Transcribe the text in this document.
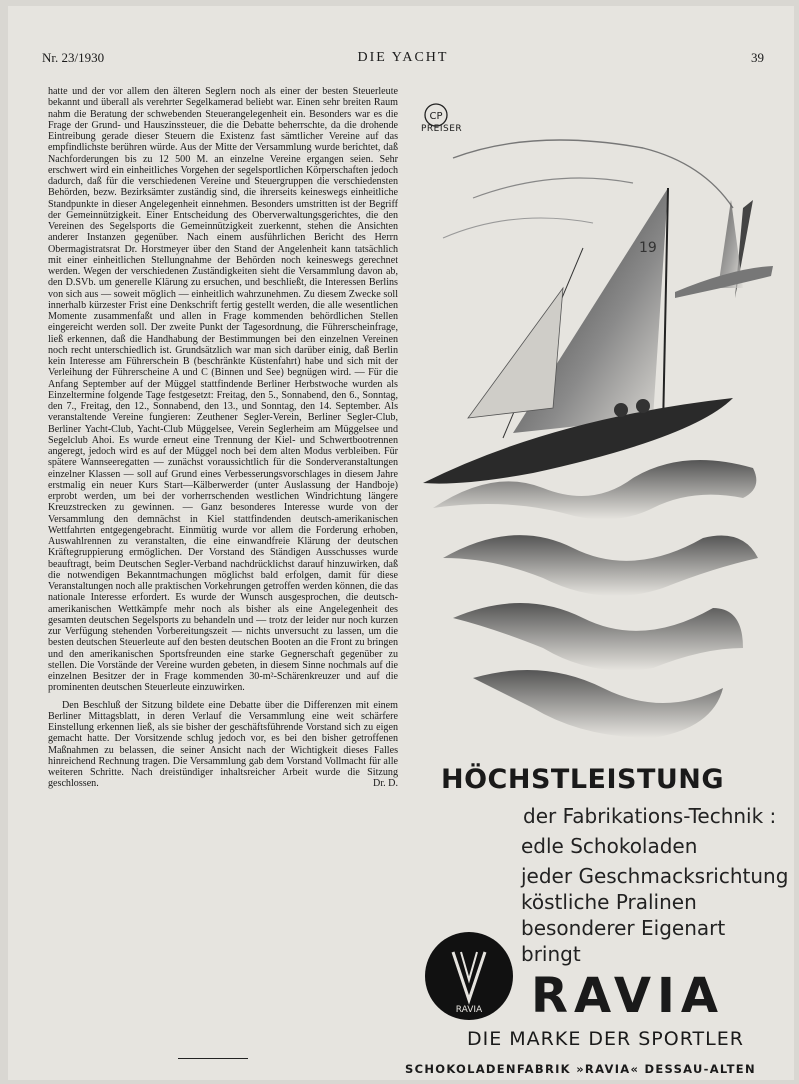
Nr. 23/1930	DIE YACHT	39

hatte und der vor allem den älteren Seglern noch als einer der besten Steuerleute bekannt und überall als verehrter Segelkamerad beliebt war. Einen sehr breiten Raum nahm die Beratung der schwebenden Steuerangelegenheit ein. Besonders war es die Frage der Grund- und Hauszinssteuer, die die Debatte beherrschte, da die drohende Eintreibung gerade dieser Steuern die Existenz fast sämtlicher Vereine auf das empfindlichste berühren würde. Aus der Mitte der Versammlung wurde berichtet, daß Nachforderungen bis zu 12 500 M. an einzelne Vereine ergangen seien. Sehr erschwert wird ein einheitliches Vorgehen der segelsportlichen Körperschaften jedoch dadurch, daß für die verschiedenen Vereine und Steuergruppen die verschiedensten Behörden, bezw. Bezirksämter zuständig sind, die ihrerseits keineswegs einheitliche Standpunkte in dieser Angelegenheit einnehmen. Besonders umstritten ist der Begriff der Gemeinnützigkeit. Einer Entscheidung des Oberverwaltungsgerichtes, die den Vereinen des Segelsports die Gemeinnützigkeit zuerkennt, stehen die Ansichten anderer Instanzen gegenüber. Nach einem ausführlichen Bericht des Herrn Obermagistratsrat Dr. Horstmeyer über den Stand der Angelenheit kann tatsächlich mit einer einheitlichen Stellungnahme der Behörden noch keineswegs gerechnet werden. Wegen der verschiedenen Zuständigkeiten sieht die Versammlung davon ab, den D.SVb. um generelle Klärung zu ersuchen, und beschließt, die Interessen Berlins von sich aus — soweit möglich — einheitlich wahrzunehmen. Zu diesem Zwecke soll innerhalb kürzester Frist eine Denkschrift fertig gestellt werden, die alle wesentlichen Momente zusammenfaßt und allen in Frage kommenden behördlichen Stellen eingereicht werden soll. Der zweite Punkt der Tagesordnung, die Führerscheinfrage, ließ erkennen, daß die Handhabung der Bestimmungen bei den einzelnen Vereinen noch recht unterschiedlich ist. Grundsätzlich war man sich darüber einig, daß Berlin kein Interesse am Führerschein B (beschränkte Küstenfahrt) habe und sich mit der Verleihung der Führerscheine A und C (Binnen und See) begnügen wird. — Für die Anfang September auf der Müggel stattfindende Berliner Herbstwoche wurden als Einzeltermine folgende Tage festgesetzt: Freitag, den 5., Sonnabend, den 6., Sonntag, den 7., Freitag, den 12., Sonnabend, den 13., und Sonntag, den 14. September. Als veranstaltende Vereine fungieren: Zeuthener Segler-Verein, Berliner Segler-Club, Berliner Yacht-Club, Yacht-Club Müggelsee, Verein Seglerheim am Müggelsee und Segelclub Ahoi. Es wurde erneut eine Trennung der Kiel- und Schwertbootrennen angeregt, jedoch wird es auf der Müggel noch bei dem alten Modus verbleiben. Für spätere Wannseeregatten — zunächst voraussichtlich für die Sonderveranstaltungen einzelner Klassen — soll auf Grund eines Verbesserungsvorschlages in diesem Jahre erstmalig ein neuer Kurs Start—Kälberwerder (unter Auslassung der Handboje) erprobt werden, um bei der vorherrschenden westlichen Windrichtung längere Kreuzstrecken zu gewinnen. — Ganz besonderes Interesse wurde von der Versammlung den demnächst in Kiel stattfindenden deutsch-amerikanischen Wettfahrten entgegengebracht. Einmütig wurde vor allem die Forderung erhoben, Auswahlrennen zu veranstalten, die eine einwandfreie Klärung der deutschen Kräftegruppierung ermöglichen. Der Vorstand des Ständigen Ausschusses wurde beauftragt, beim Deutschen Segler-Verband nachdrücklichst darauf hinzuwirken, daß die notwendigen Bekanntmachungen möglichst bald erfolgen, damit für diese Veranstaltungen noch alle praktischen Vorkehrungen getroffen werden können, die das nationale Interesse erfordert. Es wurde der Wunsch ausgesprochen, die deutsch-amerikanischen Wettkämpfe mehr noch als bisher als eine Angelegenheit des gesamten deutschen Segelsports zu behandeln und — trotz der leider nur noch kurzen zur Verfügung stehenden Vorbereitungszeit — nichts unversucht zu lassen, um die besten deutschen Steuerleute auf den besten deutschen Booten an die Front zu bringen und den amerikanischen Sportsfreunden eine starke Gegnerschaft gegenüber zu stellen. Die Vorstände der Vereine wurden gebeten, in diesem Sinne nochmals auf die einzelnen Besitzer der in Frage kommenden 30-m²-Schärenkreuzer und auf die prominenten deutschen Steuerleute einzuwirken.

Den Beschluß der Sitzung bildete eine Debatte über die Differenzen mit einem Berliner Mittagsblatt, in deren Verlauf die Versammlung eine weit schärfere Einstellung erkennen ließ, als sie bisher der geschäftsführende Vorstand sich zu eigen gemacht hatte. Der Vorsitzende schlug jedoch vor, es bei den bisher getroffenen Maßnahmen zu belassen, die seiner Ansicht nach der Wichtigkeit dieses Falles hinreichend Rechnung tragen. Die Versammlung gab dem Vorstand Vollmacht für alle weiteren Schritte. Nach dreistündiger inhaltsreicher Arbeit wurde die Sitzung geschlossen.	Dr. D.

19
CP
PREISER
HÖCHSTLEISTUNG
der Fabrikations-Technik :
edle Schokoladen
jeder Geschmacksrichtung
köstliche Pralinen
besonderer Eigenart
bringt
RAVIA RAVIA
DIE MARKE DER SPORTLER
SCHOKOLADENFABRIK »RAVIA« DESSAU-ALTEN
